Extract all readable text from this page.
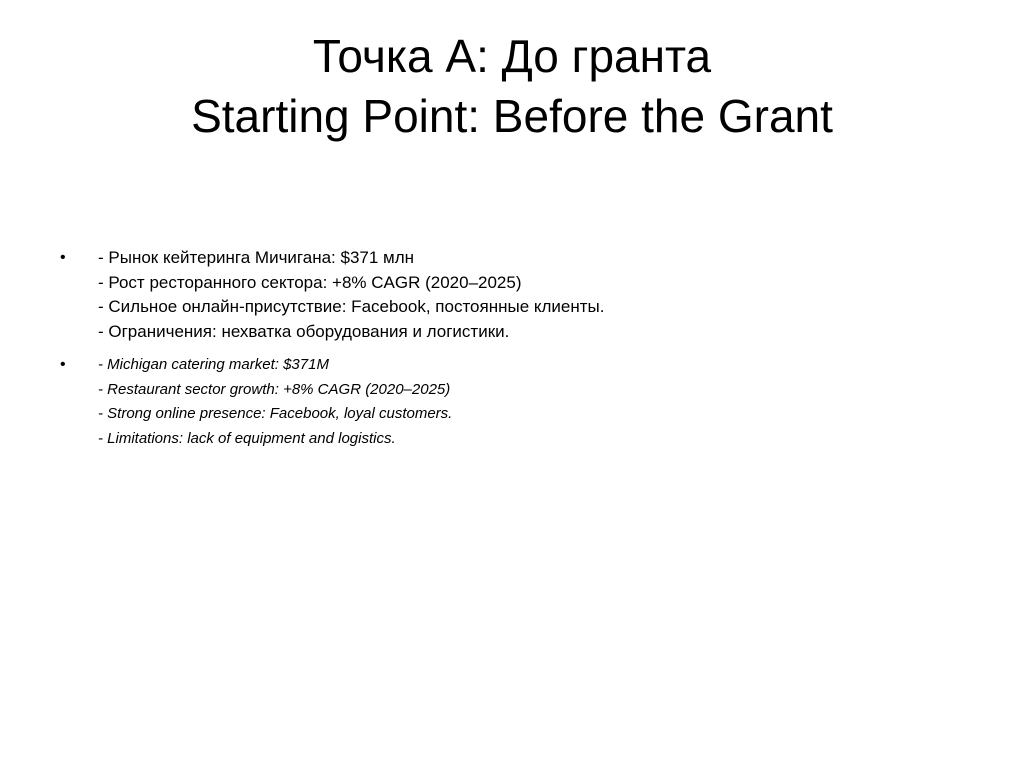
Точка А: До гранта
Starting Point: Before the Grant
• - Рынок кейтеринга Мичигана: $371 млн
- Рост ресторанного сектора: +8% CAGR (2020–2025)
- Сильное онлайн-присутствие: Facebook, постоянные клиенты.
- Ограничения: нехватка оборудования и логистики.
• - Michigan catering market: $371M
- Restaurant sector growth: +8% CAGR (2020–2025)
- Strong online presence: Facebook, loyal customers.
- Limitations: lack of equipment and logistics.
